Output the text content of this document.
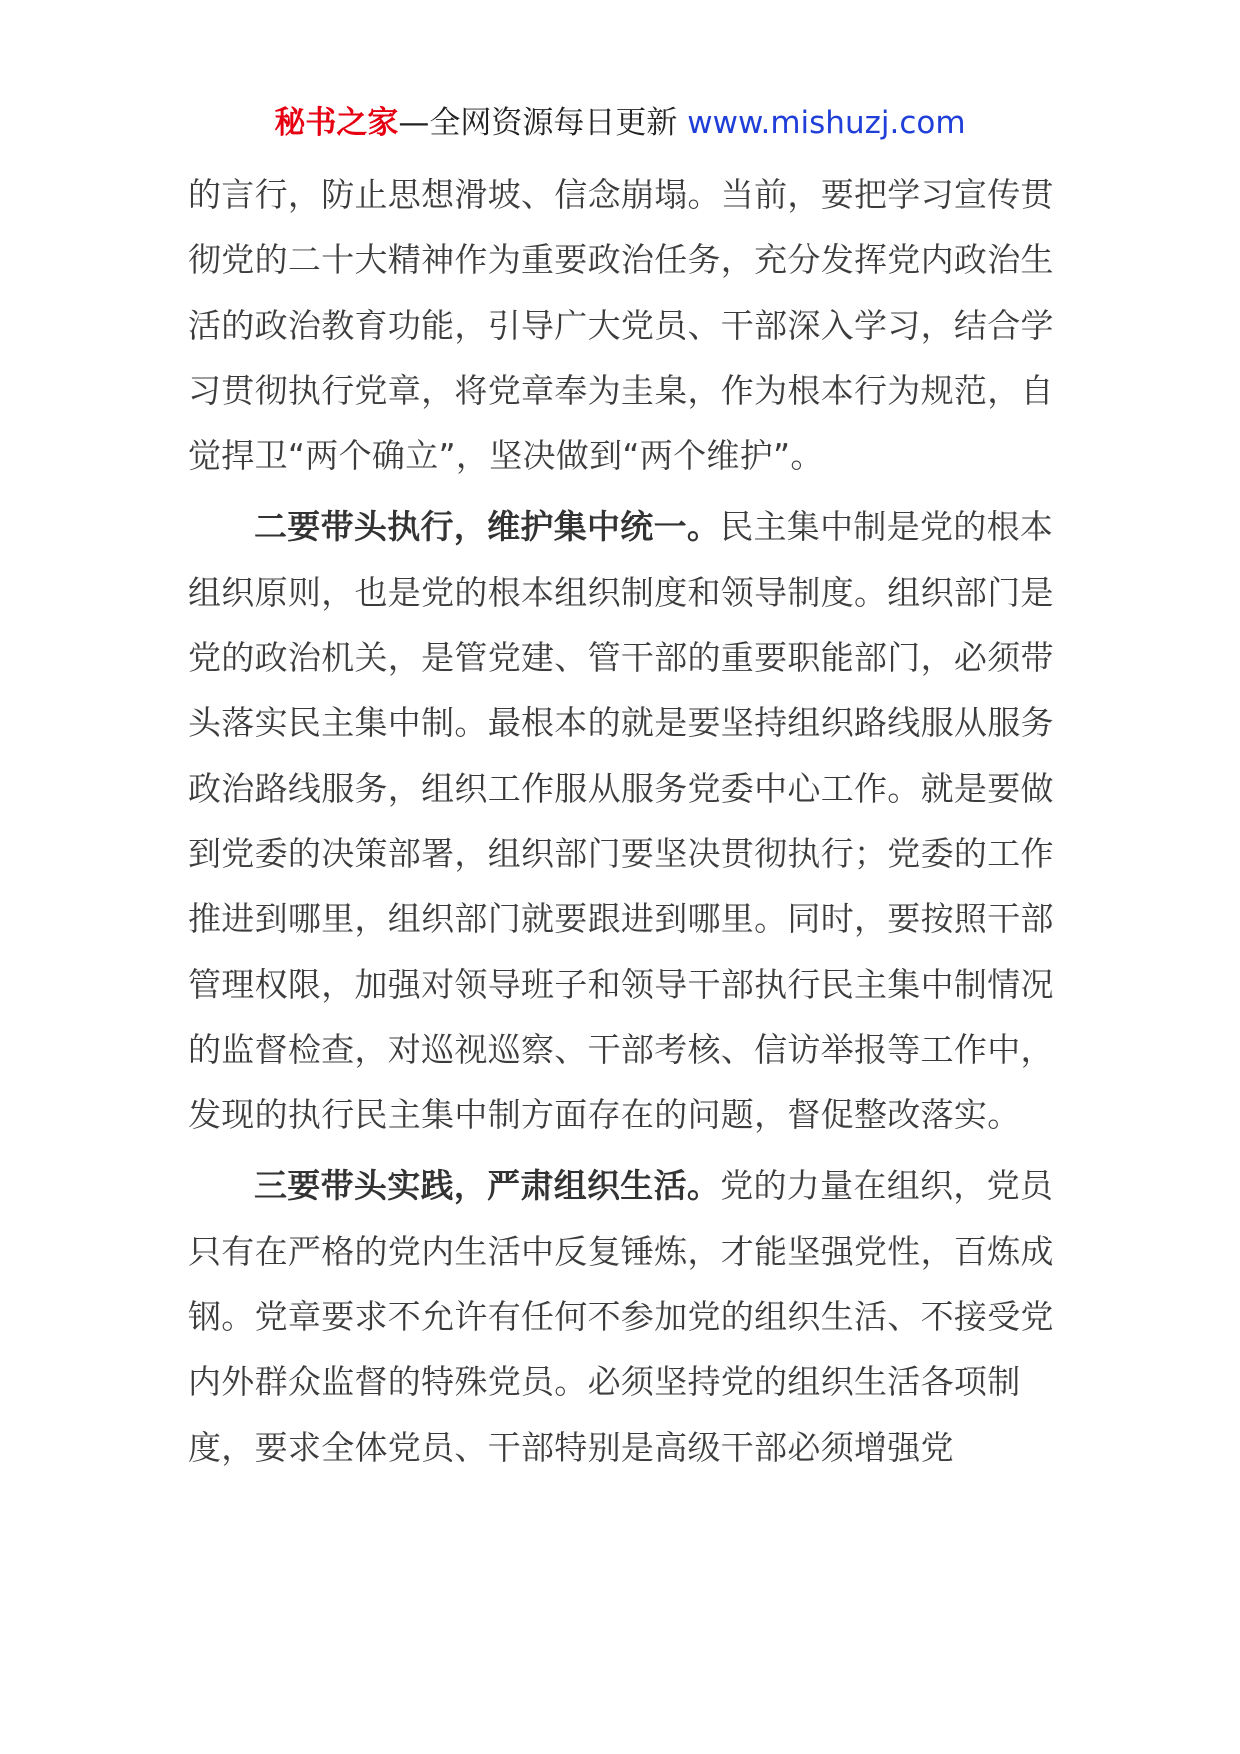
秘书之家—全网资源每日更新 www.mishuzj.com

的言行，防止思想滑坡、信念崩塌。当前，要把学习宣传贯彻党的二十大精神作为重要政治任务，充分发挥党内政治生活的政治教育功能，引导广大党员、干部深入学习，结合学习贯彻执行党章，将党章奉为圭臬，作为根本行为规范，自觉捍卫“两个确立”，坚决做到“两个维护”。

二要带头执行，维护集中统一。民主集中制是党的根本组织原则，也是党的根本组织制度和领导制度。组织部门是党的政治机关，是管党建、管干部的重要职能部门，必须带头落实民主集中制。最根本的就是要坚持组织路线服从服务政治路线服务，组织工作服从服务党委中心工作。就是要做到党委的决策部署，组织部门要坚决贯彻执行；党委的工作推进到哪里，组织部门就要跟进到哪里。同时，要按照干部管理权限，加强对领导班子和领导干部执行民主集中制情况的监督检查，对巡视巡察、干部考核、信访举报等工作中，发现的执行民主集中制方面存在的问题，督促整改落实。

三要带头实践，严肃组织生活。党的力量在组织，党员只有在严格的党内生活中反复锤炼，才能坚强党性，百炼成钢。党章要求不允许有任何不参加党的组织生活、不接受党内外群众监督的特殊党员。必须坚持党的组织生活各项制度，要求全体党员、干部特别是高级干部必须增强党
